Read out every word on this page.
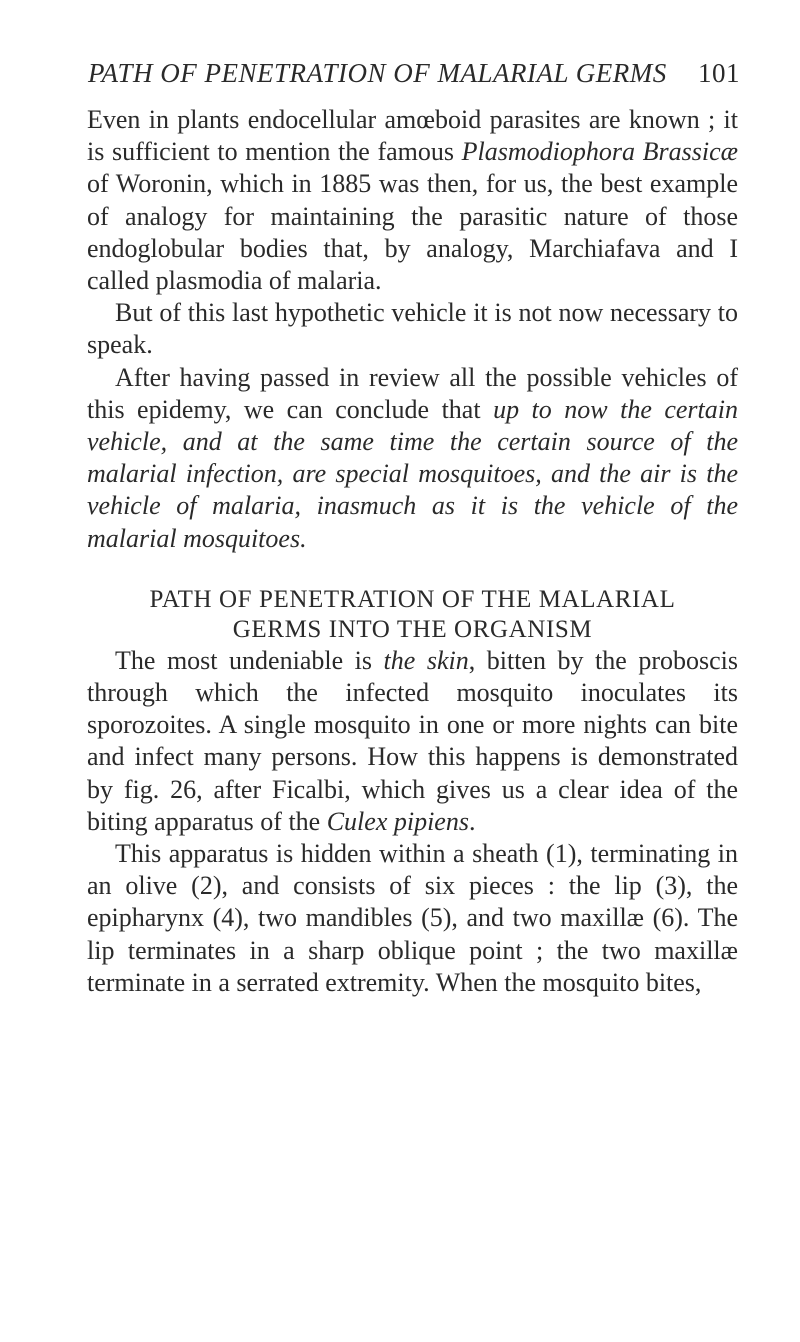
PATH OF PENETRATION OF MALARIAL GERMS 101

Even in plants endocellular amœboid parasites are known ; it is sufficient to mention the famous Plasmodiophora Brassicæ of Woronin, which in 1885 was then, for us, the best example of analogy for maintaining the parasitic nature of those endoglobular bodies that, by analogy, Marchiafava and I called plasmodia of malaria.

But of this last hypothetic vehicle it is not now necessary to speak.

After having passed in review all the possible vehicles of this epidemy, we can conclude that up to now the certain vehicle, and at the same time the certain source of the malarial infection, are special mosquitoes, and the air is the vehicle of malaria, inasmuch as it is the vehicle of the malarial mosquitoes.

PATH OF PENETRATION OF THE MALARIAL
GERMS INTO THE ORGANISM

The most undeniable is the skin, bitten by the proboscis through which the infected mosquito inoculates its sporozoites. A single mosquito in one or more nights can bite and infect many persons. How this happens is demonstrated by fig. 26, after Ficalbi, which gives us a clear idea of the biting apparatus of the Culex pipiens.

This apparatus is hidden within a sheath (1), terminating in an olive (2), and consists of six pieces : the lip (3), the epipharynx (4), two mandibles (5), and two maxillæ (6). The lip terminates in a sharp oblique point ; the two maxillæ terminate in a serrated extremity. When the mosquito bites,
